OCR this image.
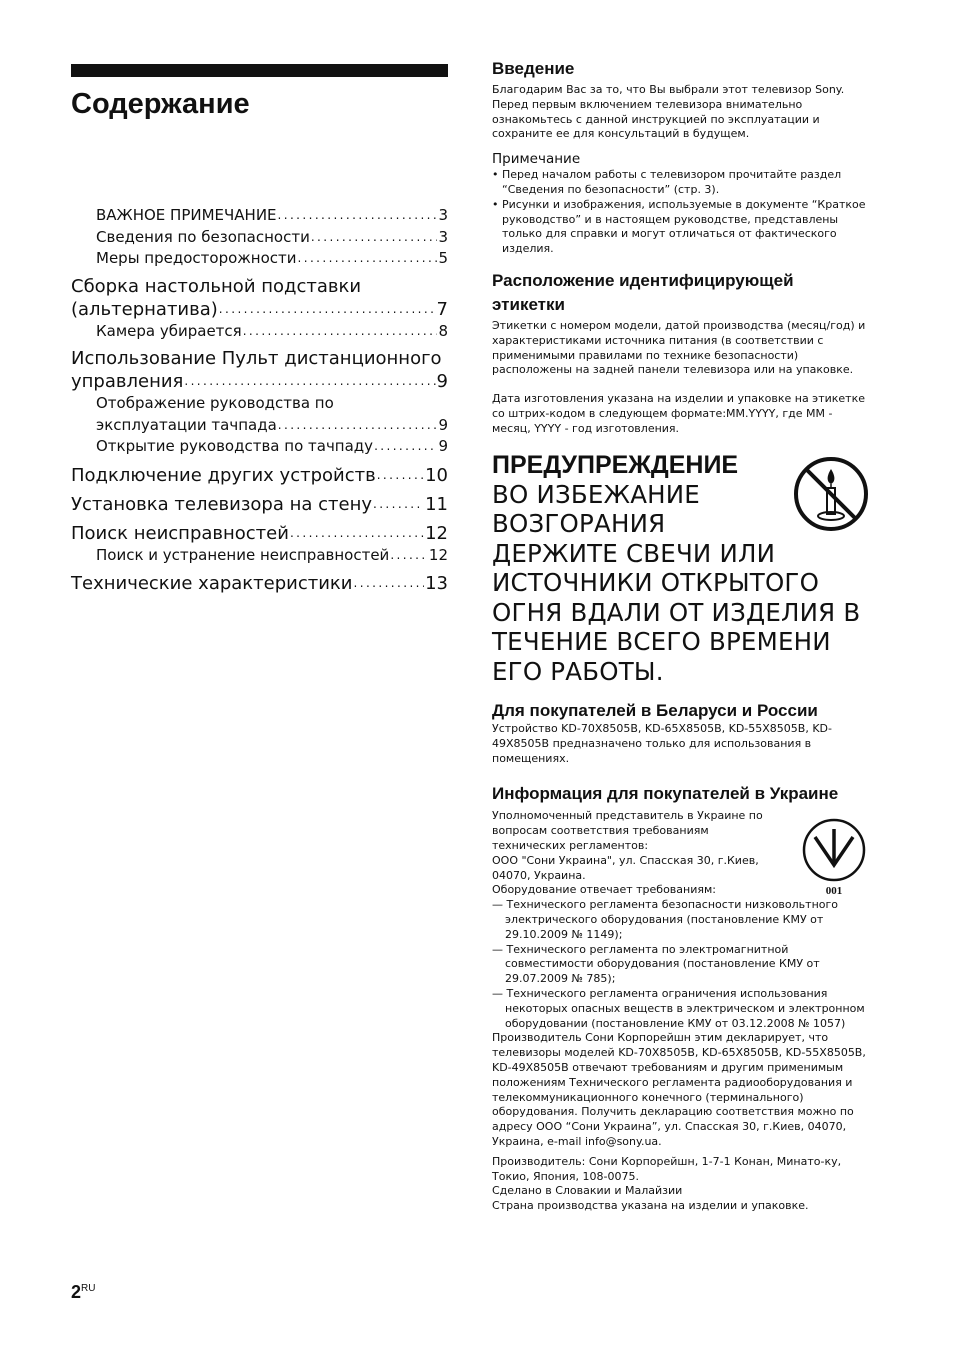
Содержание
ВАЖНОЕ ПРИМЕЧАНИЕ .....	3
Сведения по безопасности .....	3
Меры предосторожности .....	5
Сборка настольной подставки
(альтернатива) .....	7
Камера убирается .....	8
Использование Пульт дистанционного
управления .....	9
Отображение руководства по
эксплуатации тачпада .....	9
Открытие руководства по тачпаду .....	9
Подключение других устройств .....	10
Установка телевизора на стену .....	11
Поиск неисправностей .....	12
Поиск и устранение неисправностей .....	12
Технические характеристики .....	13
Введение
Благодарим Вас за то, что Вы выбрали этот телевизор Sony. Перед первым включением телевизора внимательно ознакомьтесь с данной инструкцией по эксплуатации и сохраните ее для консультаций в будущем.
Примечание
• Перед началом работы с телевизором прочитайте раздел “Сведения по безопасности” (стр. 3).
• Рисунки и изображения, используемые в документе “Краткое руководство” и в настоящем руководстве, представлены только для справки и могут отличаться от фактического изделия.
Расположение идентифицирующей этикетки
Этикетки с номером модели, датой производства (месяц/год) и характеристиками источника питания (в соответствии с применимыми правилами по технике безопасности) расположены на задней панели телевизора или на упаковке.
Дата изготовления указана на изделии и упаковке на этикетке со штрих-кодом в следующем формате:MM.YYYY, где MM - месяц, YYYY - год изготовления.
ПРЕДУПРЕЖДЕНИЕ
ВО ИЗБЕЖАНИЕ
ВОЗГОРАНИЯ
ДЕРЖИТЕ СВЕЧИ ИЛИ
ИСТОЧНИКИ ОТКРЫТОГО
ОГНЯ ВДАЛИ ОТ ИЗДЕЛИЯ В
ТЕЧЕНИЕ ВСЕГО ВРЕМЕНИ
ЕГО РАБОТЫ.
Для покупателей в Беларуси и России
Устройство KD-70X8505B, KD-65X8505B, KD-55X8505B, KD-49X8505B предназначено только для использования в помещениях.
Информация для покупателей в Украине
Уполномоченный представитель в Украине по
вопросам соответствия требованиям
технических регламентов:
ООО "Сони Украина", ул. Спасская 30, г.Киев,
04070, Украина.
Оборудование отвечает требованиям:	001
— Технического регламента безопасности низковольтного электрического оборудования (постановление КМУ от 29.10.2009 № 1149);
— Технического регламента по электромагнитной совместимости оборудования (постановление КМУ от 29.07.2009 № 785);
— Технического регламента ограничения использования некоторых опасных веществ в электрическом и электронном оборудовании (постановление КМУ от 03.12.2008 № 1057)
Производитель Сони Корпорейшн этим декларирует, что телевизоры моделей KD-70X8505B, KD-65X8505B, KD-55X8505B, KD-49X8505B отвечают требованиям и другим применимым положениям Технического регламента радиооборудования и телекоммуникационного конечного (терминального) оборудования. Получить декларацию соответствия можно по адресу ООО “Сони Украина”, ул. Спасская 30, г.Киев, 04070, Украина, e-mail info@sony.ua.
Производитель: Сони Корпорейшн, 1-7-1 Конан, Минато-ку, Токио, Япония, 108-0075.
Сделано в Словакии и Малайзии
Страна производства указана на изделии и упаковке.
$2^{RU}$
